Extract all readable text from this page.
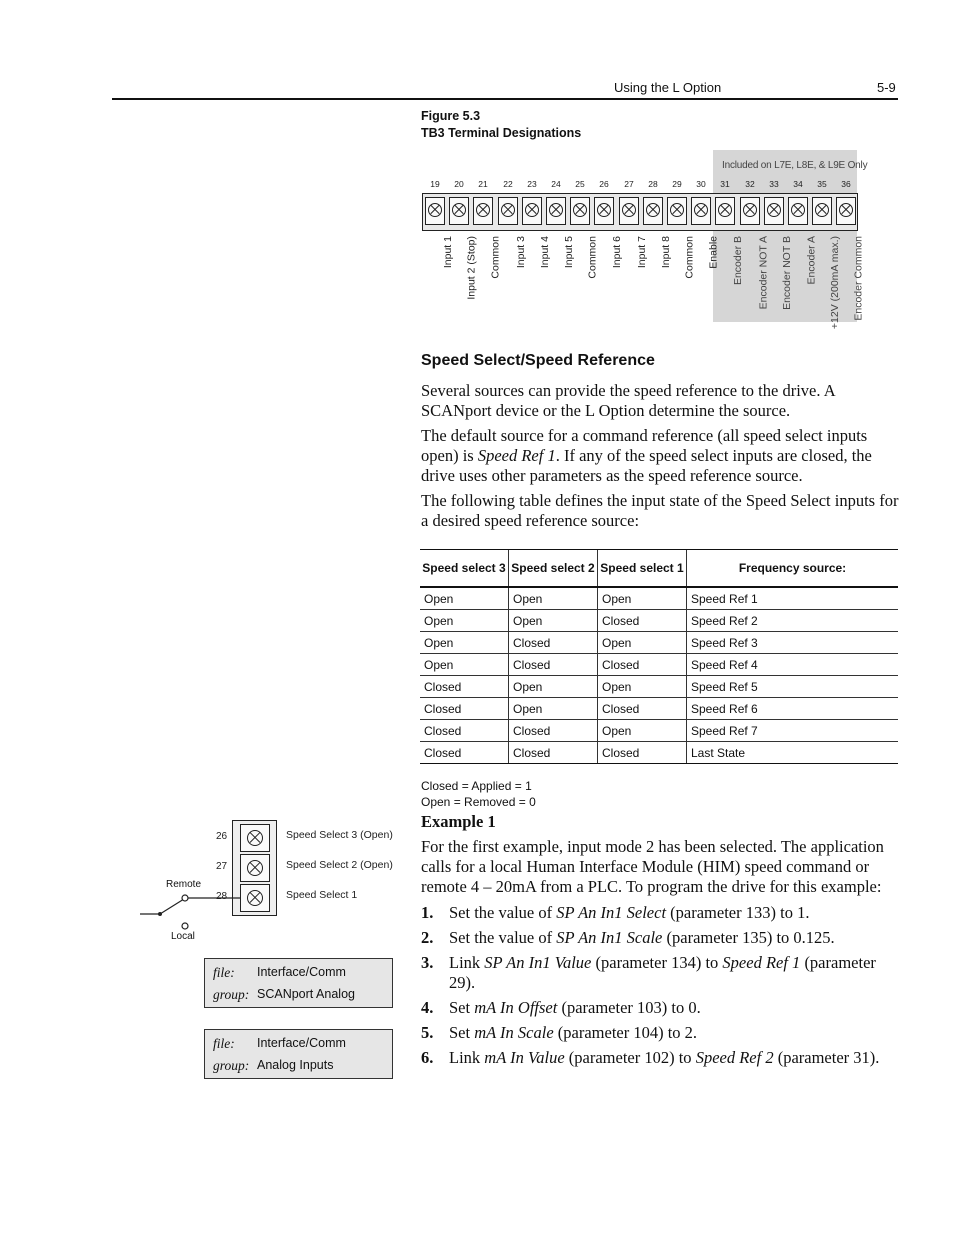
Using the L Option	5-9
Figure 5.3
TB3 Terminal Designations
Included on L7E, L8E, & L9E Only
Speed Select/Speed Reference
Several sources can provide the speed reference to the drive. A SCANport device or the L Option determine the source.
The default source for a command reference (all speed select inputs open) is Speed Ref 1. If any of the speed select inputs are closed, the drive uses other parameters as the speed reference source.
The following table defines the input state of the Speed Select inputs for a desired speed reference source:
Speed select 3	Speed select 2	Speed select 1	Frequency source:
Open	Open	Open	Speed Ref 1
Open	Open	Closed	Speed Ref 2
Open	Closed	Open	Speed Ref 3
Open	Closed	Closed	Speed Ref 4
Closed	Open	Open	Speed Ref 5
Closed	Open	Closed	Speed Ref 6
Closed	Closed	Open	Speed Ref 7
Closed	Closed	Closed	Last State
Closed = Applied = 1
Open = Removed = 0
Example 1
For the first example, input mode 2 has been selected. The application calls for a local Human Interface Module (HIM) speed command or remote 4 – 20mA from a PLC. To program the drive for this example:
1. Set the value of SP An In1 Select (parameter 133) to 1.
2. Set the value of SP An In1 Scale (parameter 135) to 0.125.
3. Link SP An In1 Value (parameter 134) to Speed Ref 1 (parameter 29).
4. Set mA In Offset (parameter 103) to 0.
5. Set mA In Scale (parameter 104) to 2.
6. Link mA In Value (parameter 102) to Speed Ref 2 (parameter 31).
26	Speed Select 3 (Open)
27	Speed Select 2 (Open)
28	Speed Select 1
Remote
Local
file: Interface/Comm
group: SCANport Analog
file: Interface/Comm
group: Analog Inputs
19
Input 1
20
Input 2 (Stop)
21
Common
22
Input 3
23
Input 4
24
Input 5
25
Common
26
Input 6
27
Input 7
28
Input 8
29
Common
30
Enable
31
Encoder B
32
Encoder NOT A
33
Encoder NOT B
34
Encoder A
35
+12V (200mA max.)
36
Encoder Common
